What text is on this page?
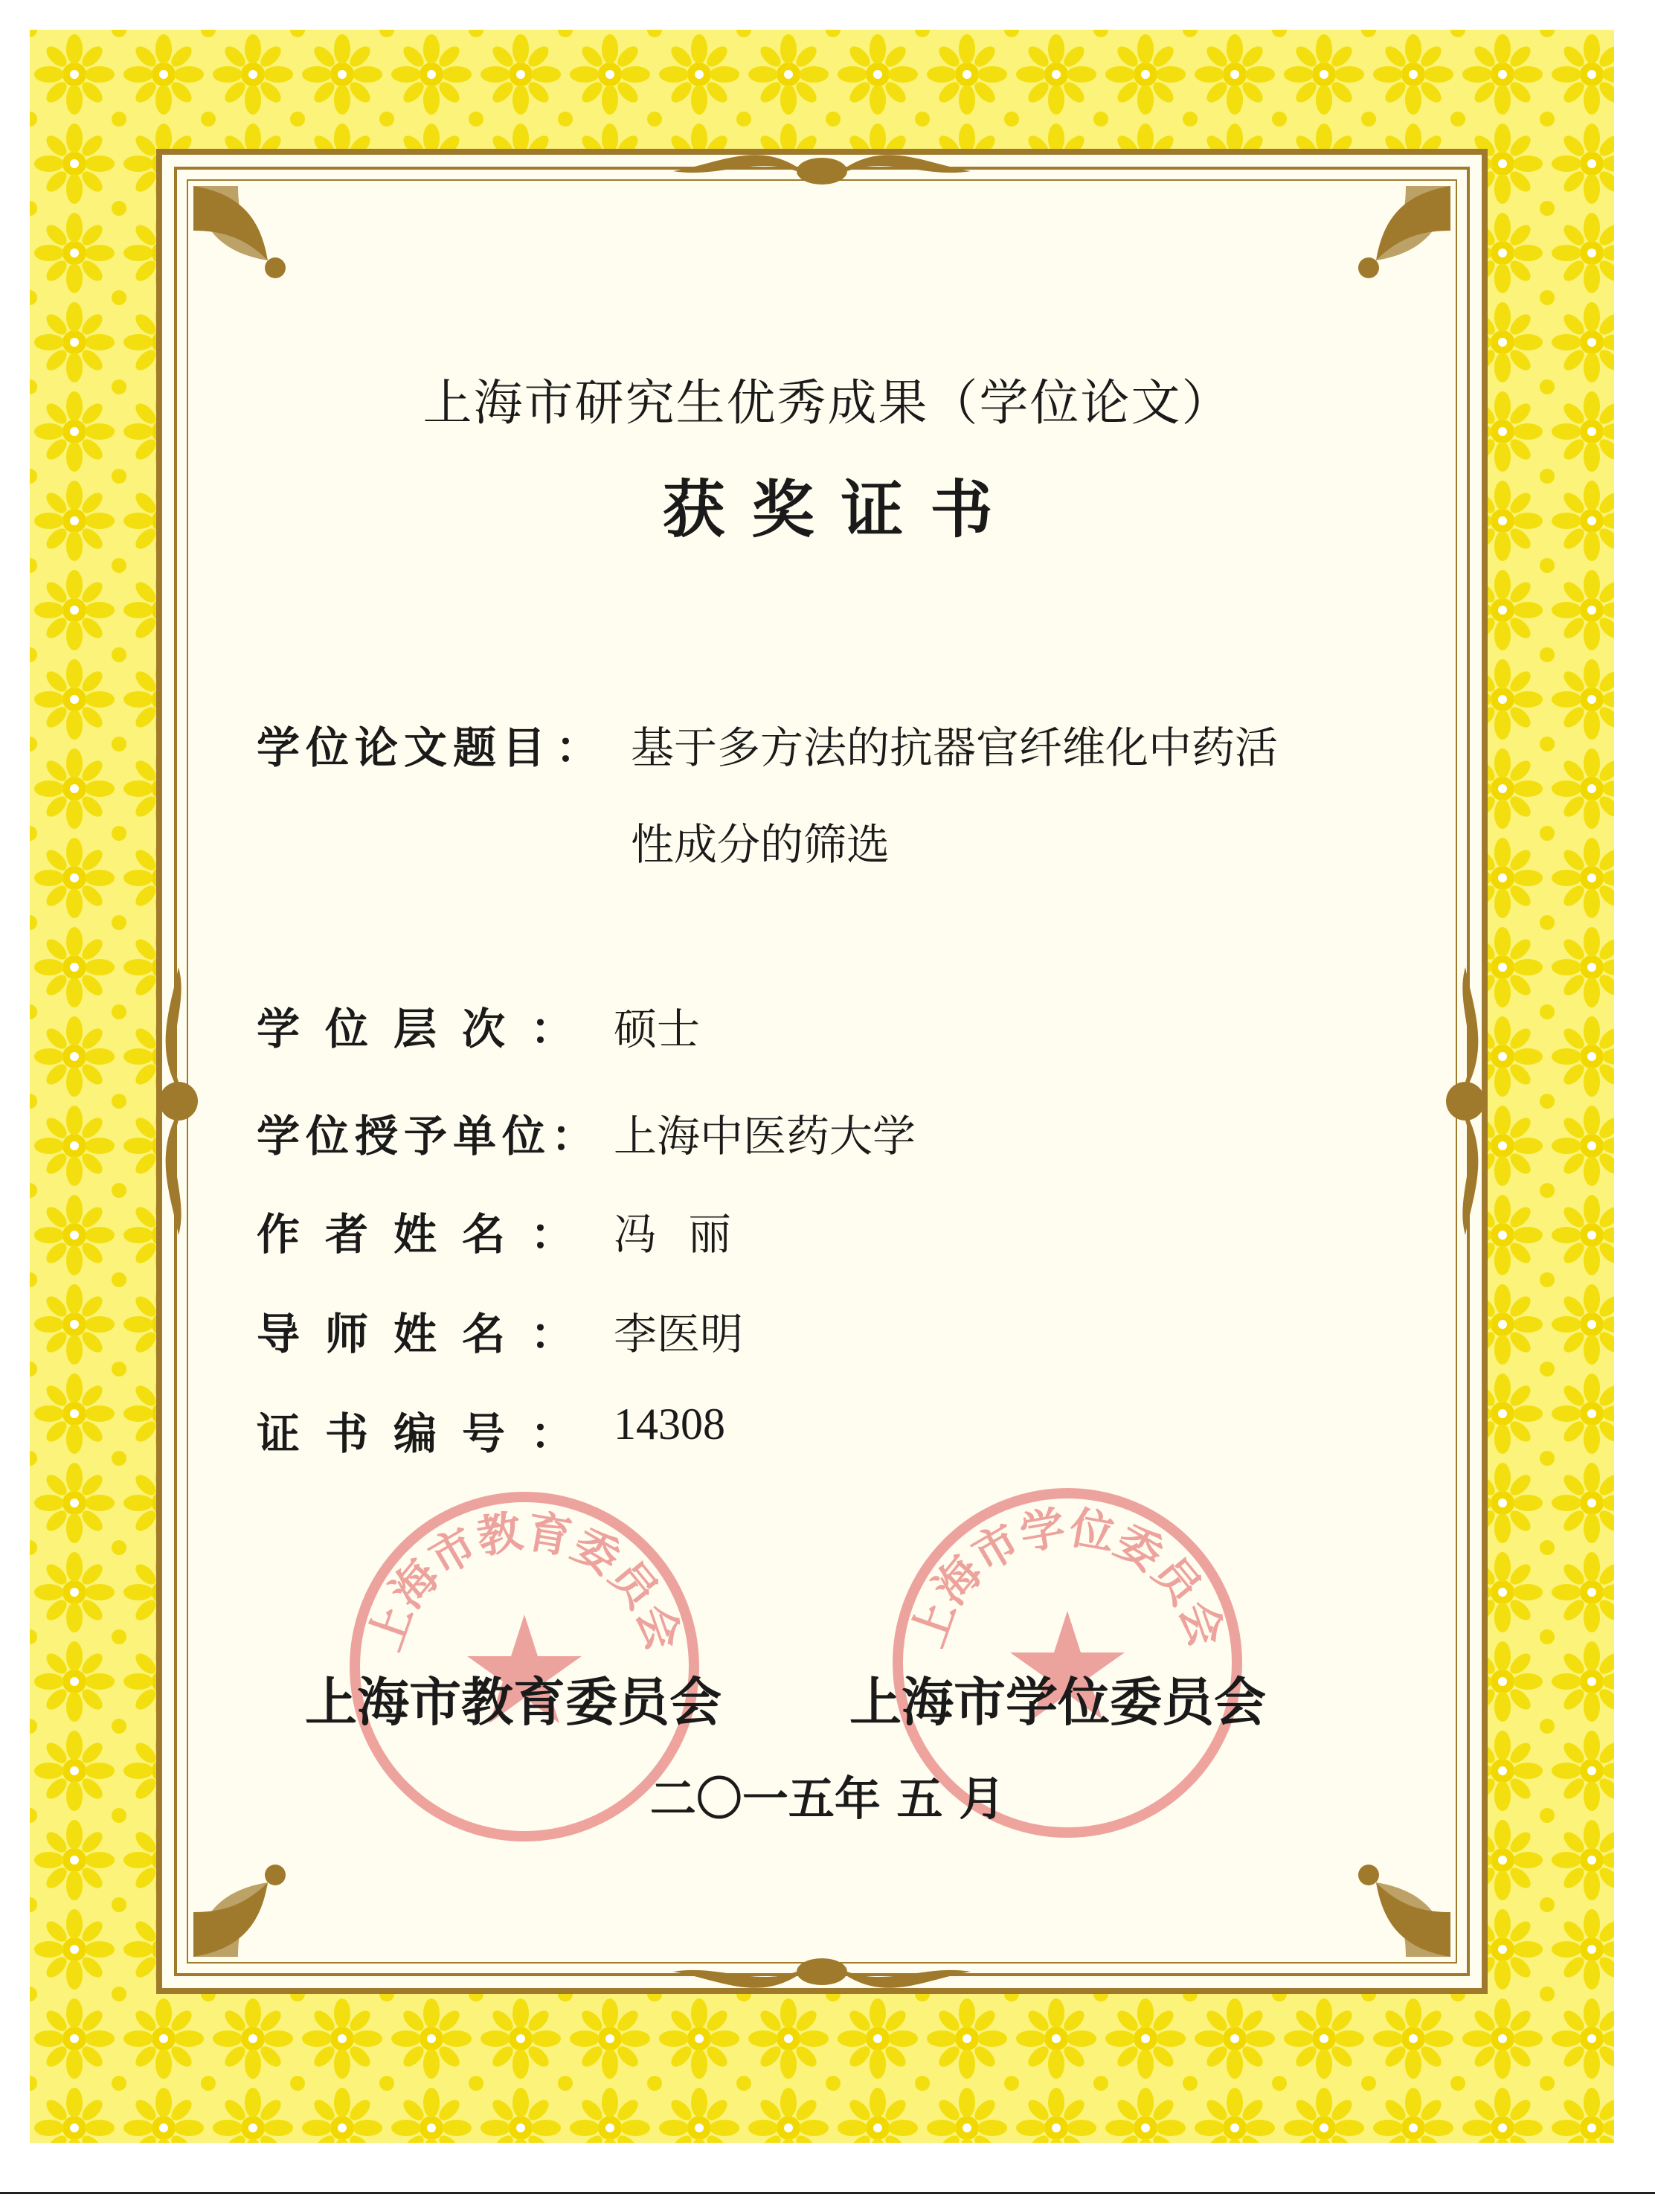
上海市研究生优秀成果（学位论文）
获奖证书
学位论文题目 ： 基于多方法的抗器官纤维化中药活
性成分的筛选
学位层次： 硕士
学位授予单位： 上海中医药大学
作者姓名： 冯丽
导师姓名： 李医明
证书编号： 14308
上海市教育委员会	上海市学位委员会
上海市教育委员会 上海市学位委员会
二〇一五年 五 月
